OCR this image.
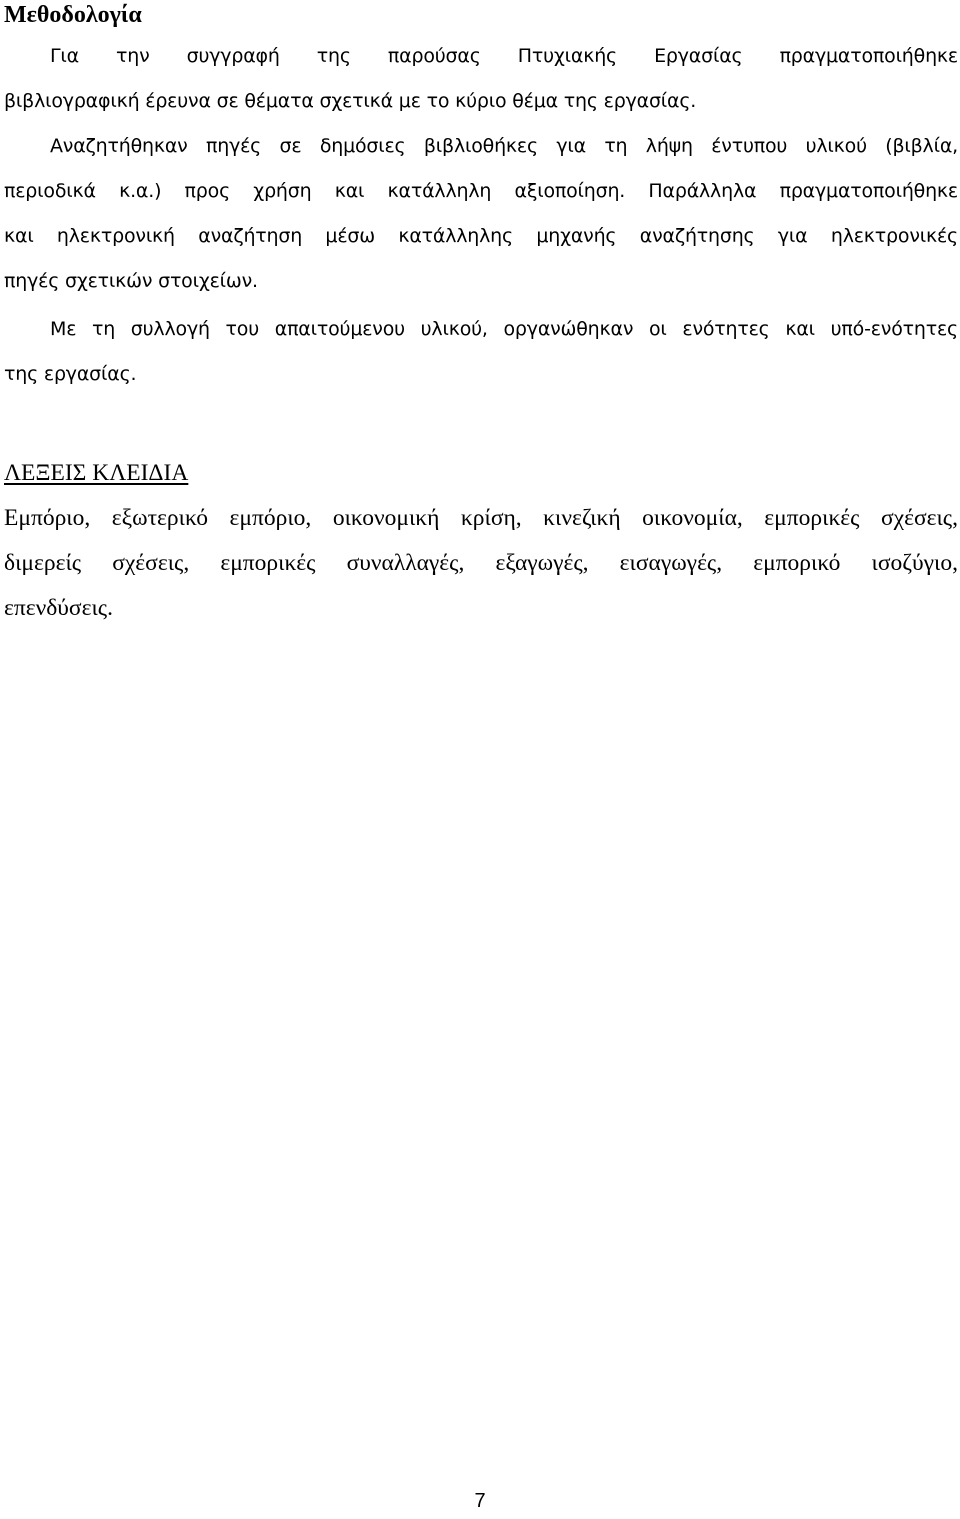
Μεθοδολογία
Για την συγγραφή της παρούσας Πτυχιακής Εργασίας πραγματοποιήθηκε
βιβλιογραφική έρευνα σε θέματα σχετικά με το κύριο θέμα της εργασίας.
Αναζητήθηκαν πηγές σε δημόσιες βιβλιοθήκες για τη λήψη έντυπου υλικού (βιβλία,
περιοδικά κ.α.) προς χρήση και κατάλληλη αξιοποίηση. Παράλληλα πραγματοποιήθηκε
και ηλεκτρονική αναζήτηση μέσω κατάλληλης μηχανής αναζήτησης για ηλεκτρονικές
πηγές σχετικών στοιχείων.
Με τη συλλογή του απαιτούμενου υλικού, οργανώθηκαν οι ενότητες και υπό-ενότητες
της εργασίας.
ΛΕΞΕΙΣ ΚΛΕΙΔΙΑ
Εμπόριο, εξωτερικό εμπόριο, οικονομική κρίση, κινεζική οικονομία, εμπορικές σχέσεις,
διμερείς σχέσεις, εμπορικές συναλλαγές, εξαγωγές, εισαγωγές, εμπορικό ισοζύγιο,
επενδύσεις.
7
